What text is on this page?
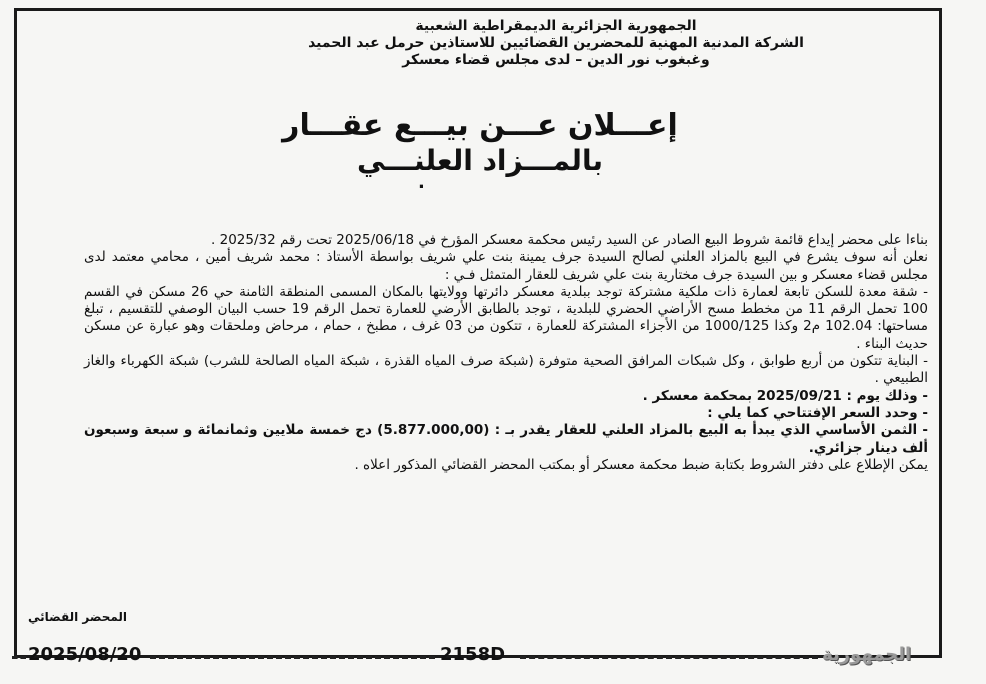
الجمهورية الجزائرية الديمقراطية الشعبية
الشركة المدنية المهنية للمحضرين القضائيين للاستاذين حرمل عبد الحميد
وغبغوب نور الدين – لدى مجلس قضاء معسكر
إعـــلان عـــن بيـــع عقـــار
بالمـــزاد العلنـــي
.

بناءا على محضر إيداع قائمة شروط البيع الصادر عن السيد رئيس محكمة معسكر المؤرخ في 2025/06/18 تحت رقم 2025/32 .

نعلن أنه سوف يشرع في البيع بالمزاد العلني لصالح السيدة جرف يمينة بنت علي شريف بواسطة الأستاذ : محمد شريف أمين ، محامي معتمد لدى مجلس قضاء معسكر و بين السيدة جرف مختارية بنت علي شريف للعقار المتمثل فـي :

- شقة معدة للسكن تابعة لعمارة ذات ملكية مشتركة توجد ببلدية معسكر دائرتها وولايتها بالمكان المسمى المنطقة الثامنة حي 26 مسكن في القسم 100 تحمل الرقم 11 من مخطط مسح الأراضي الحضري للبلدية ، توجد بالطابق الأرضي للعمارة تحمل الرقم 19 حسب البيان الوصفي للتقسيم ، تبلغ مساحتها: 102.04 م2 وكذا 1000/125 من الأجزاء المشتركة للعمارة ، تتكون من 03 غرف ، مطبخ ، حمام ، مرحاض وملحقات وهو عبارة عن مسكن حديث البناء .

- البناية تتكون من أربع طوابق ، وكل شبكات المرافق الصحية متوفرة (شبكة صرف المياه القذرة ، شبكة المياه الصالحة للشرب) شبكة الكهرباء والغاز الطبيعي .

- وذلك يوم : 2025/09/21 بمحكمة معسكر .

- وحدد السعر الإفتتاحي كما يلي :

- الثمن الأساسي الذي يبدأ به البيع بالمزاد العلني للعقار يقدر بـ : (5.877.000,00) دج خمسة ملايين وثمانمائة و سبعة وسبعون ألف دينار جزائري.

يمكن الإطلاع على دفتر الشروط بكتابة ضبط محكمة معسكر أو بمكتب المحضر القضائي المذكور اعلاه .

المحضر القضائي
2025/08/20	2158D	الجمهورية
